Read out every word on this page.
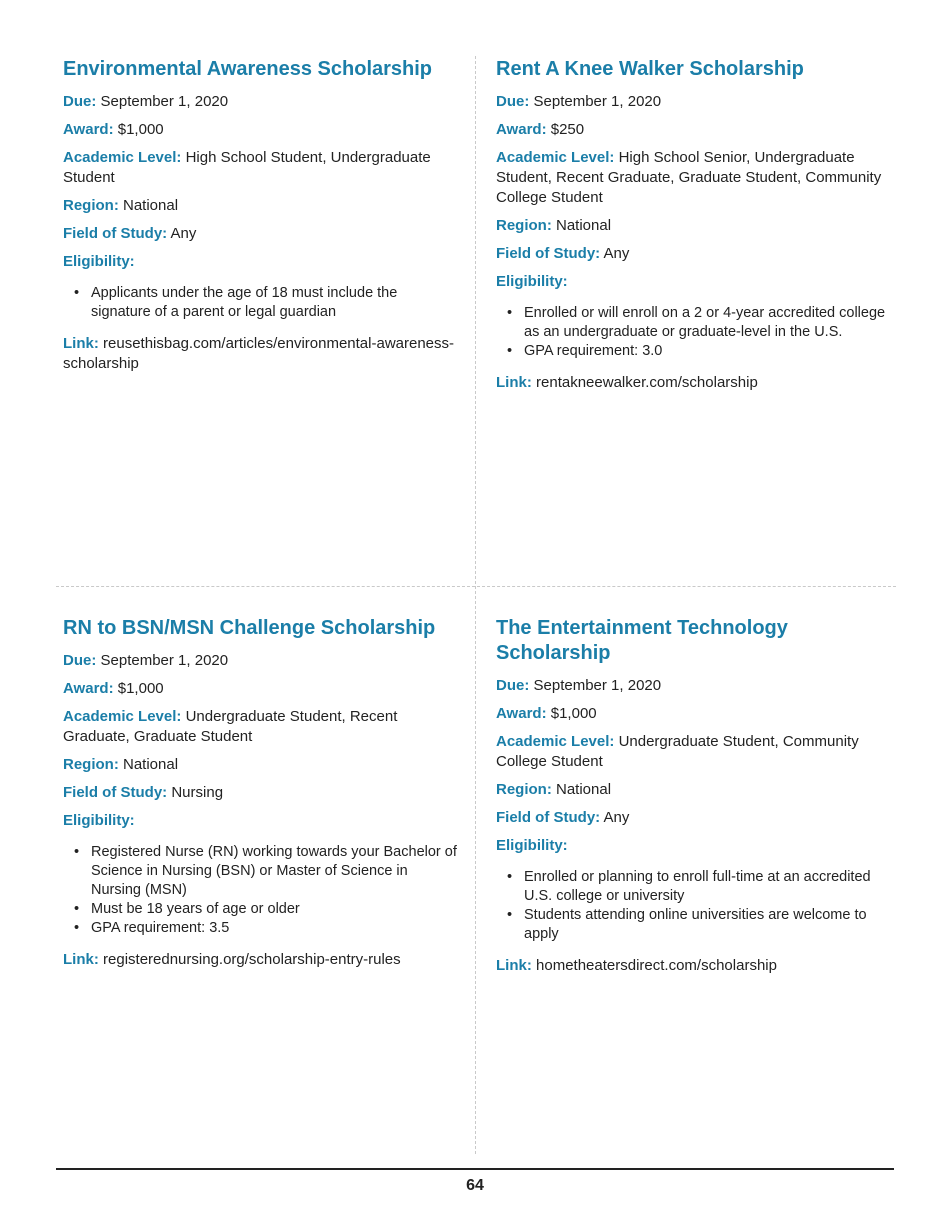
Environmental Awareness Scholarship

Due: September 1, 2020

Award: $1,000

Academic Level: High School Student, Undergraduate Student

Region: National

Field of Study: Any

Eligibility:

• Applicants under the age of 18 must include the signature of a parent or legal guardian

Link: reusethisbag.com/articles/environmental-awareness-scholarship

Rent A Knee Walker Scholarship

Due: September 1, 2020

Award: $250

Academic Level: High School Senior, Undergraduate Student, Recent Graduate, Graduate Student, Community College Student

Region: National

Field of Study: Any

Eligibility:

• Enrolled or will enroll on a 2 or 4-year accredited college as an undergraduate or graduate-level in the U.S.
• GPA requirement: 3.0

Link: rentakneewalker.com/scholarship

RN to BSN/MSN Challenge Scholarship

Due: September 1, 2020

Award: $1,000

Academic Level: Undergraduate Student, Recent Graduate, Graduate Student

Region: National

Field of Study: Nursing

Eligibility:

• Registered Nurse (RN) working towards your Bachelor of Science in Nursing (BSN) or Master of Science in Nursing (MSN)
• Must be 18 years of age or older
• GPA requirement: 3.5

Link: registerednursing.org/scholarship-entry-rules

The Entertainment Technology Scholarship

Due: September 1, 2020

Award: $1,000

Academic Level: Undergraduate Student, Community College Student

Region: National

Field of Study: Any

Eligibility:

• Enrolled or planning to enroll full-time at an accredited U.S. college or university
• Students attending online universities are welcome to apply

Link: hometheatersdirect.com/scholarship

64
